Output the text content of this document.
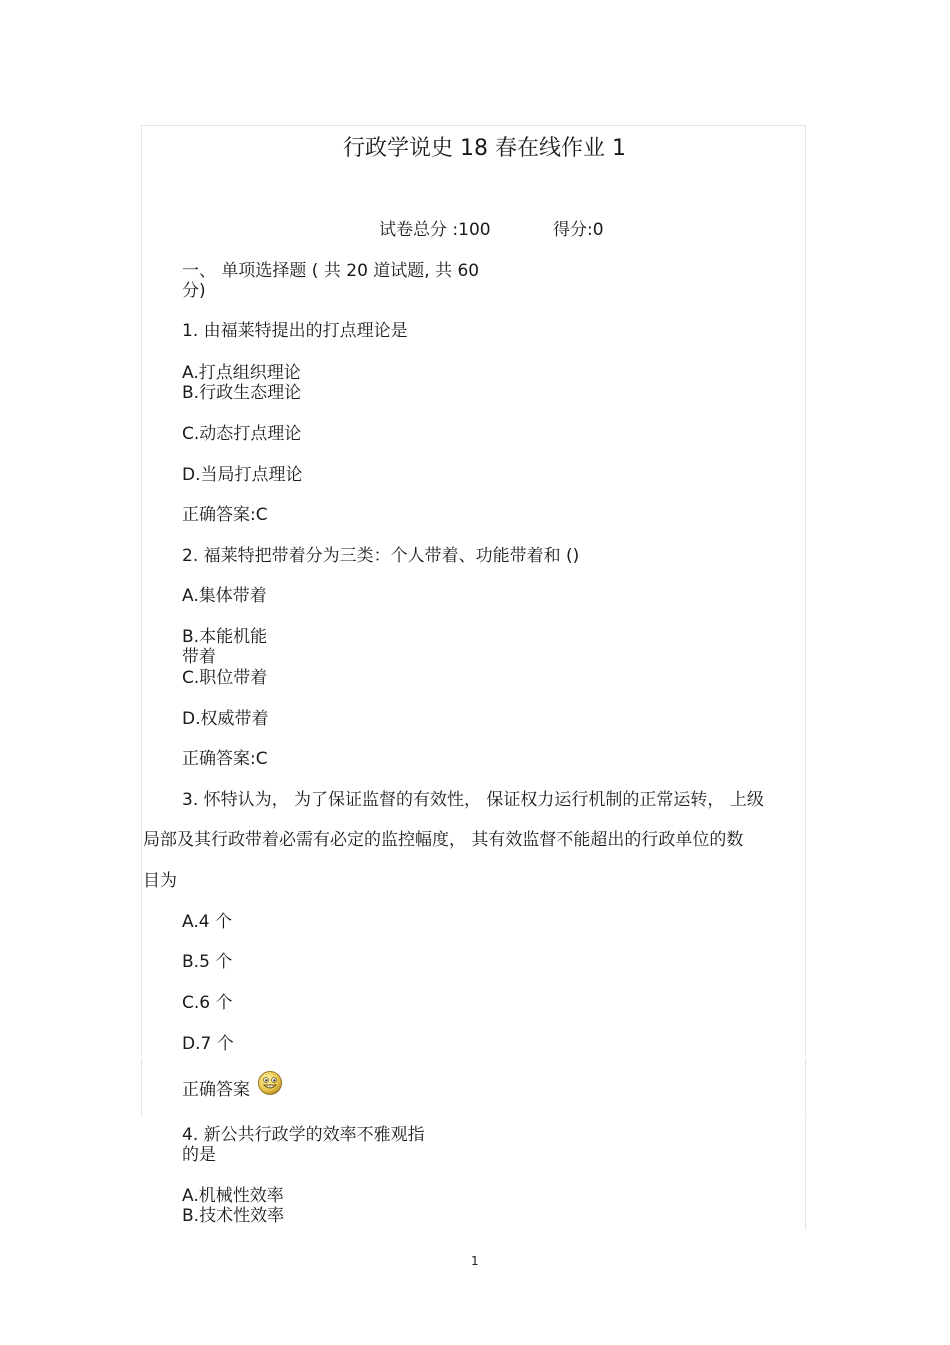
行政学说史 18 春在线作业 1
试卷总分 :100	得分:0
一、 单项选择题 ( 共 20 道试题, 共 60
分)
1. 由福莱特提出的打点理论是
A.打点组织理论
B.行政生态理论
C.动态打点理论
D.当局打点理论
正确答案:C
2. 福莱特把带着分为三类：个人带着、功能带着和 ()
A.集体带着
B.本能机能
带着
C.职位带着
D.权威带着
正确答案:C
3. 怀特认为， 为了保证监督的有效性， 保证权力运行机制的正常运转， 上级
局部及其行政带着必需有必定的监控幅度， 其有效监督不能超出的行政单位的数
目为
A.4 个
B.5 个
C.6 个
D.7 个
正确答案
4. 新公共行政学的效率不雅观指
的是
A.机械性效率
B.技术性效率
1
